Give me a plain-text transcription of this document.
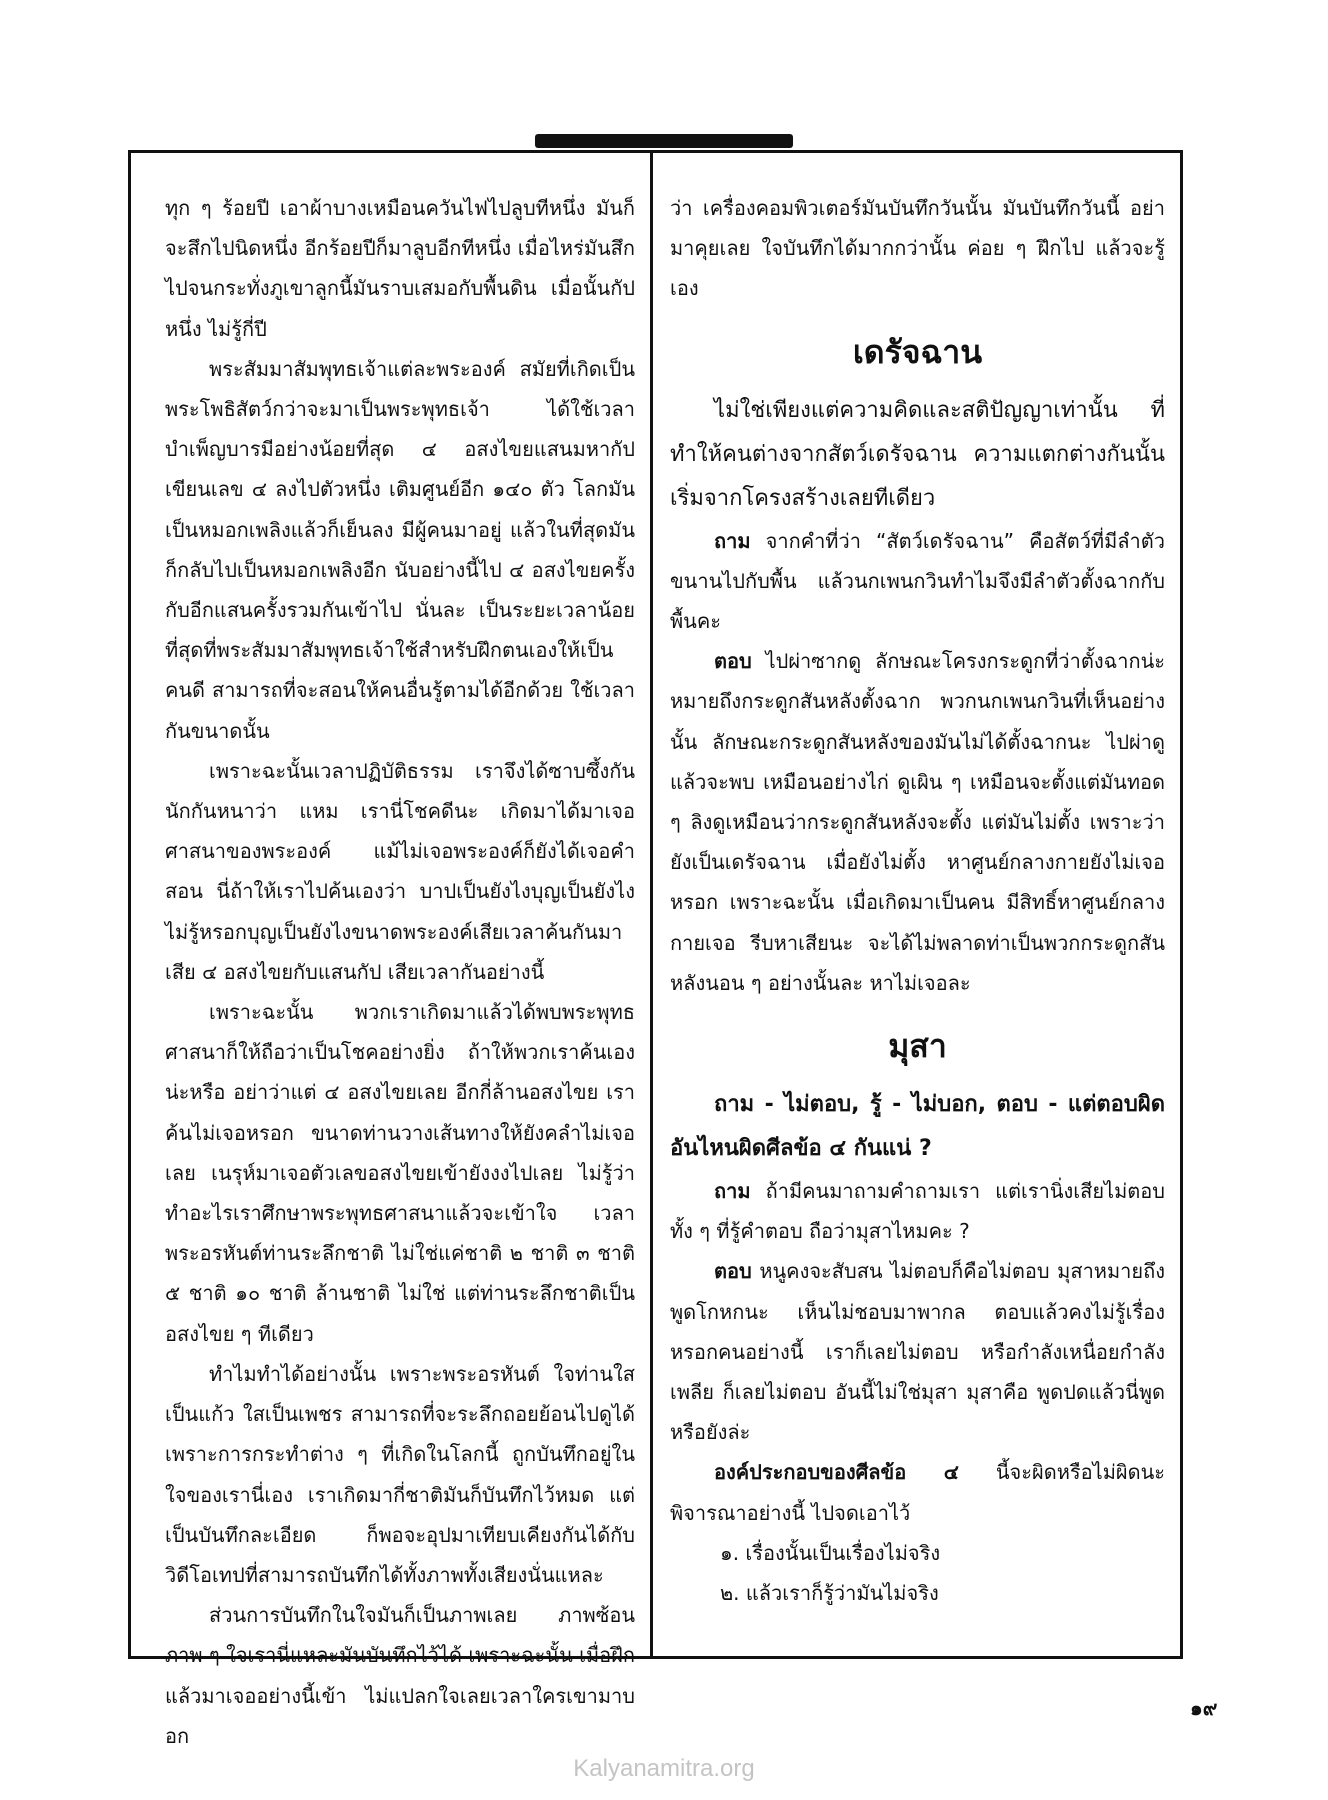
ทุก ๆ ร้อยปี เอาผ้าบางเหมือนควันไฟไปลูบทีหนึ่ง มันก็จะสึกไปนิดหนึ่ง อีกร้อยปีก็มาลูบอีกทีหนึ่ง เมื่อไหร่มันสึกไปจนกระทั่งภูเขาลูกนี้มันราบเสมอกับพื้นดิน เมื่อนั้นกัปหนึ่ง ไม่รู้กี่ปี

พระสัมมาสัมพุทธเจ้าแต่ละพระองค์ สมัยที่เกิดเป็นพระโพธิสัตว์กว่าจะมาเป็นพระพุทธเจ้า ได้ใช้เวลาบำเพ็ญบารมีอย่างน้อยที่สุด ๔ อสงไขยแสนมหากัป เขียนเลข ๔ ลงไปตัวหนึ่ง เติมศูนย์อีก ๑๔๐ ตัว โลกมันเป็นหมอกเพลิงแล้วก็เย็นลง มีผู้คนมาอยู่ แล้วในที่สุดมันก็กลับไปเป็นหมอกเพลิงอีก นับอย่างนี้ไป ๔ อสงไขยครั้ง กับอีกแสนครั้งรวมกันเข้าไป นั่นละ เป็นระยะเวลาน้อยที่สุดที่พระสัมมาสัมพุทธเจ้าใช้สำหรับฝึกตนเองให้เป็นคนดี สามารถที่จะสอนให้คนอื่นรู้ตามได้อีกด้วย ใช้เวลากันขนาดนั้น

เพราะฉะนั้นเวลาปฏิบัติธรรม เราจึงได้ซาบซึ้งกันนักกันหนาว่า แหม เรานี่โชคดีนะ เกิดมาได้มาเจอศาสนาของพระองค์ แม้ไม่เจอพระองค์ก็ยังได้เจอคำสอน นี่ถ้าให้เราไปค้นเองว่า บาปเป็นยังไงบุญเป็นยังไง ไม่รู้หรอกบุญเป็นยังไงขนาดพระองค์เสียเวลาค้นกันมาเสีย ๔ อสงไขยกับแสนกัป เสียเวลากันอย่างนี้

เพราะฉะนั้น พวกเราเกิดมาแล้วได้พบพระพุทธศาสนาก็ให้ถือว่าเป็นโชคอย่างยิ่ง ถ้าให้พวกเราค้นเองน่ะหรือ อย่าว่าแต่ ๔ อสงไขยเลย อีกกี่ล้านอสงไขย เราค้นไม่เจอหรอก ขนาดท่านวางเส้นทางให้ยังคลำไม่เจอเลย เนรุห์มาเจอตัวเลขอสงไขยเข้ายังงงไปเลย ไม่รู้ว่าทำอะไรเราศึกษาพระพุทธศาสนาแล้วจะเข้าใจ เวลาพระอรหันต์ท่านระลึกชาติ ไม่ใช่แค่ชาติ ๒ ชาติ ๓ ชาติ ๕ ชาติ ๑๐ ชาติ ล้านชาติ ไม่ใช่ แต่ท่านระลึกชาติเป็นอสงไขย ๆ ทีเดียว

ทำไมทำได้อย่างนั้น เพราะพระอรหันต์ ใจท่านใสเป็นแก้ว ใสเป็นเพชร สามารถที่จะระลึกถอยย้อนไปดูได้ เพราะการกระทำต่าง ๆ ที่เกิดในโลกนี้ ถูกบันทึกอยู่ในใจของเรานี่เอง เราเกิดมากี่ชาติมันก็บันทึกไว้หมด แต่เป็นบันทึกละเอียด ก็พอจะอุปมาเทียบเคียงกันได้กับวิดีโอเทปที่สามารถบันทึกได้ทั้งภาพทั้งเสียงนั่นแหละ

ส่วนการบันทึกในใจมันก็เป็นภาพเลย ภาพซ้อนภาพ ๆ ใจเรานี่แหละมันบันทึกไว้ได้ เพราะฉะนั้น เมื่อฝึกแล้วมาเจออย่างนี้เข้า ไม่แปลกใจเลยเวลาใครเขามาบอก

ว่า เครื่องคอมพิวเตอร์มันบันทึกวันนั้น มันบันทึกวันนี้ อย่ามาคุยเลย ใจบันทึกได้มากกว่านั้น ค่อย ๆ ฝึกไป แล้วจะรู้เอง

เดรัจฉาน

ไม่ใช่เพียงแต่ความคิดและสติปัญญาเท่านั้น ที่ทำให้คนต่างจากสัตว์เดรัจฉาน ความแตกต่างกันนั้น เริ่มจากโครงสร้างเลยทีเดียว

ถาม จากคำที่ว่า “สัตว์เดรัจฉาน” คือสัตว์ที่มีลำตัวขนานไปกับพื้น แล้วนกเพนกวินทำไมจึงมีลำตัวตั้งฉากกับพื้นคะ

ตอบ ไปผ่าซากดู ลักษณะโครงกระดูกที่ว่าตั้งฉากน่ะ หมายถึงกระดูกสันหลังตั้งฉาก พวกนกเพนกวินที่เห็นอย่างนั้น ลักษณะกระดูกสันหลังของมันไม่ได้ตั้งฉากนะ ไปผ่าดูแล้วจะพบ เหมือนอย่างไก่ ดูเผิน ๆ เหมือนจะตั้งแต่มันทอด ๆ ลิงดูเหมือนว่ากระดูกสันหลังจะตั้ง แต่มันไม่ตั้ง เพราะว่ายังเป็นเดรัจฉาน เมื่อยังไม่ตั้ง หาศูนย์กลางกายยังไม่เจอหรอก เพราะฉะนั้น เมื่อเกิดมาเป็นคน มีสิทธิ์หาศูนย์กลางกายเจอ รีบหาเสียนะ จะได้ไม่พลาดท่าเป็นพวกกระดูกสันหลังนอน ๆ อย่างนั้นละ หาไม่เจอละ

มุสา

ถาม - ไม่ตอบ, รู้ - ไม่บอก, ตอบ - แต่ตอบผิด อันไหนผิดศีลข้อ ๔ กันแน่ ?

ถาม ถ้ามีคนมาถามคำถามเรา แต่เรานิ่งเสียไม่ตอบ ทั้ง ๆ ที่รู้คำตอบ ถือว่ามุสาไหมคะ ?

ตอบ หนูคงจะสับสน ไม่ตอบก็คือไม่ตอบ มุสาหมายถึง พูดโกหกนะ เห็นไม่ชอบมาพากล ตอบแล้วคงไม่รู้เรื่องหรอกคนอย่างนี้ เราก็เลยไม่ตอบ หรือกำลังเหนื่อยกำลังเพลีย ก็เลยไม่ตอบ อันนี้ไม่ใช่มุสา มุสาคือ พูดปดแล้วนี่พูดหรือยังล่ะ

องค์ประกอบของศีลข้อ ๔ นี้จะผิดหรือไม่ผิดนะ พิจารณาอย่างนี้ ไปจดเอาไว้

๑. เรื่องนั้นเป็นเรื่องไม่จริง

๒. แล้วเราก็รู้ว่ามันไม่จริง

๑๙
Kalyanamitra.org
